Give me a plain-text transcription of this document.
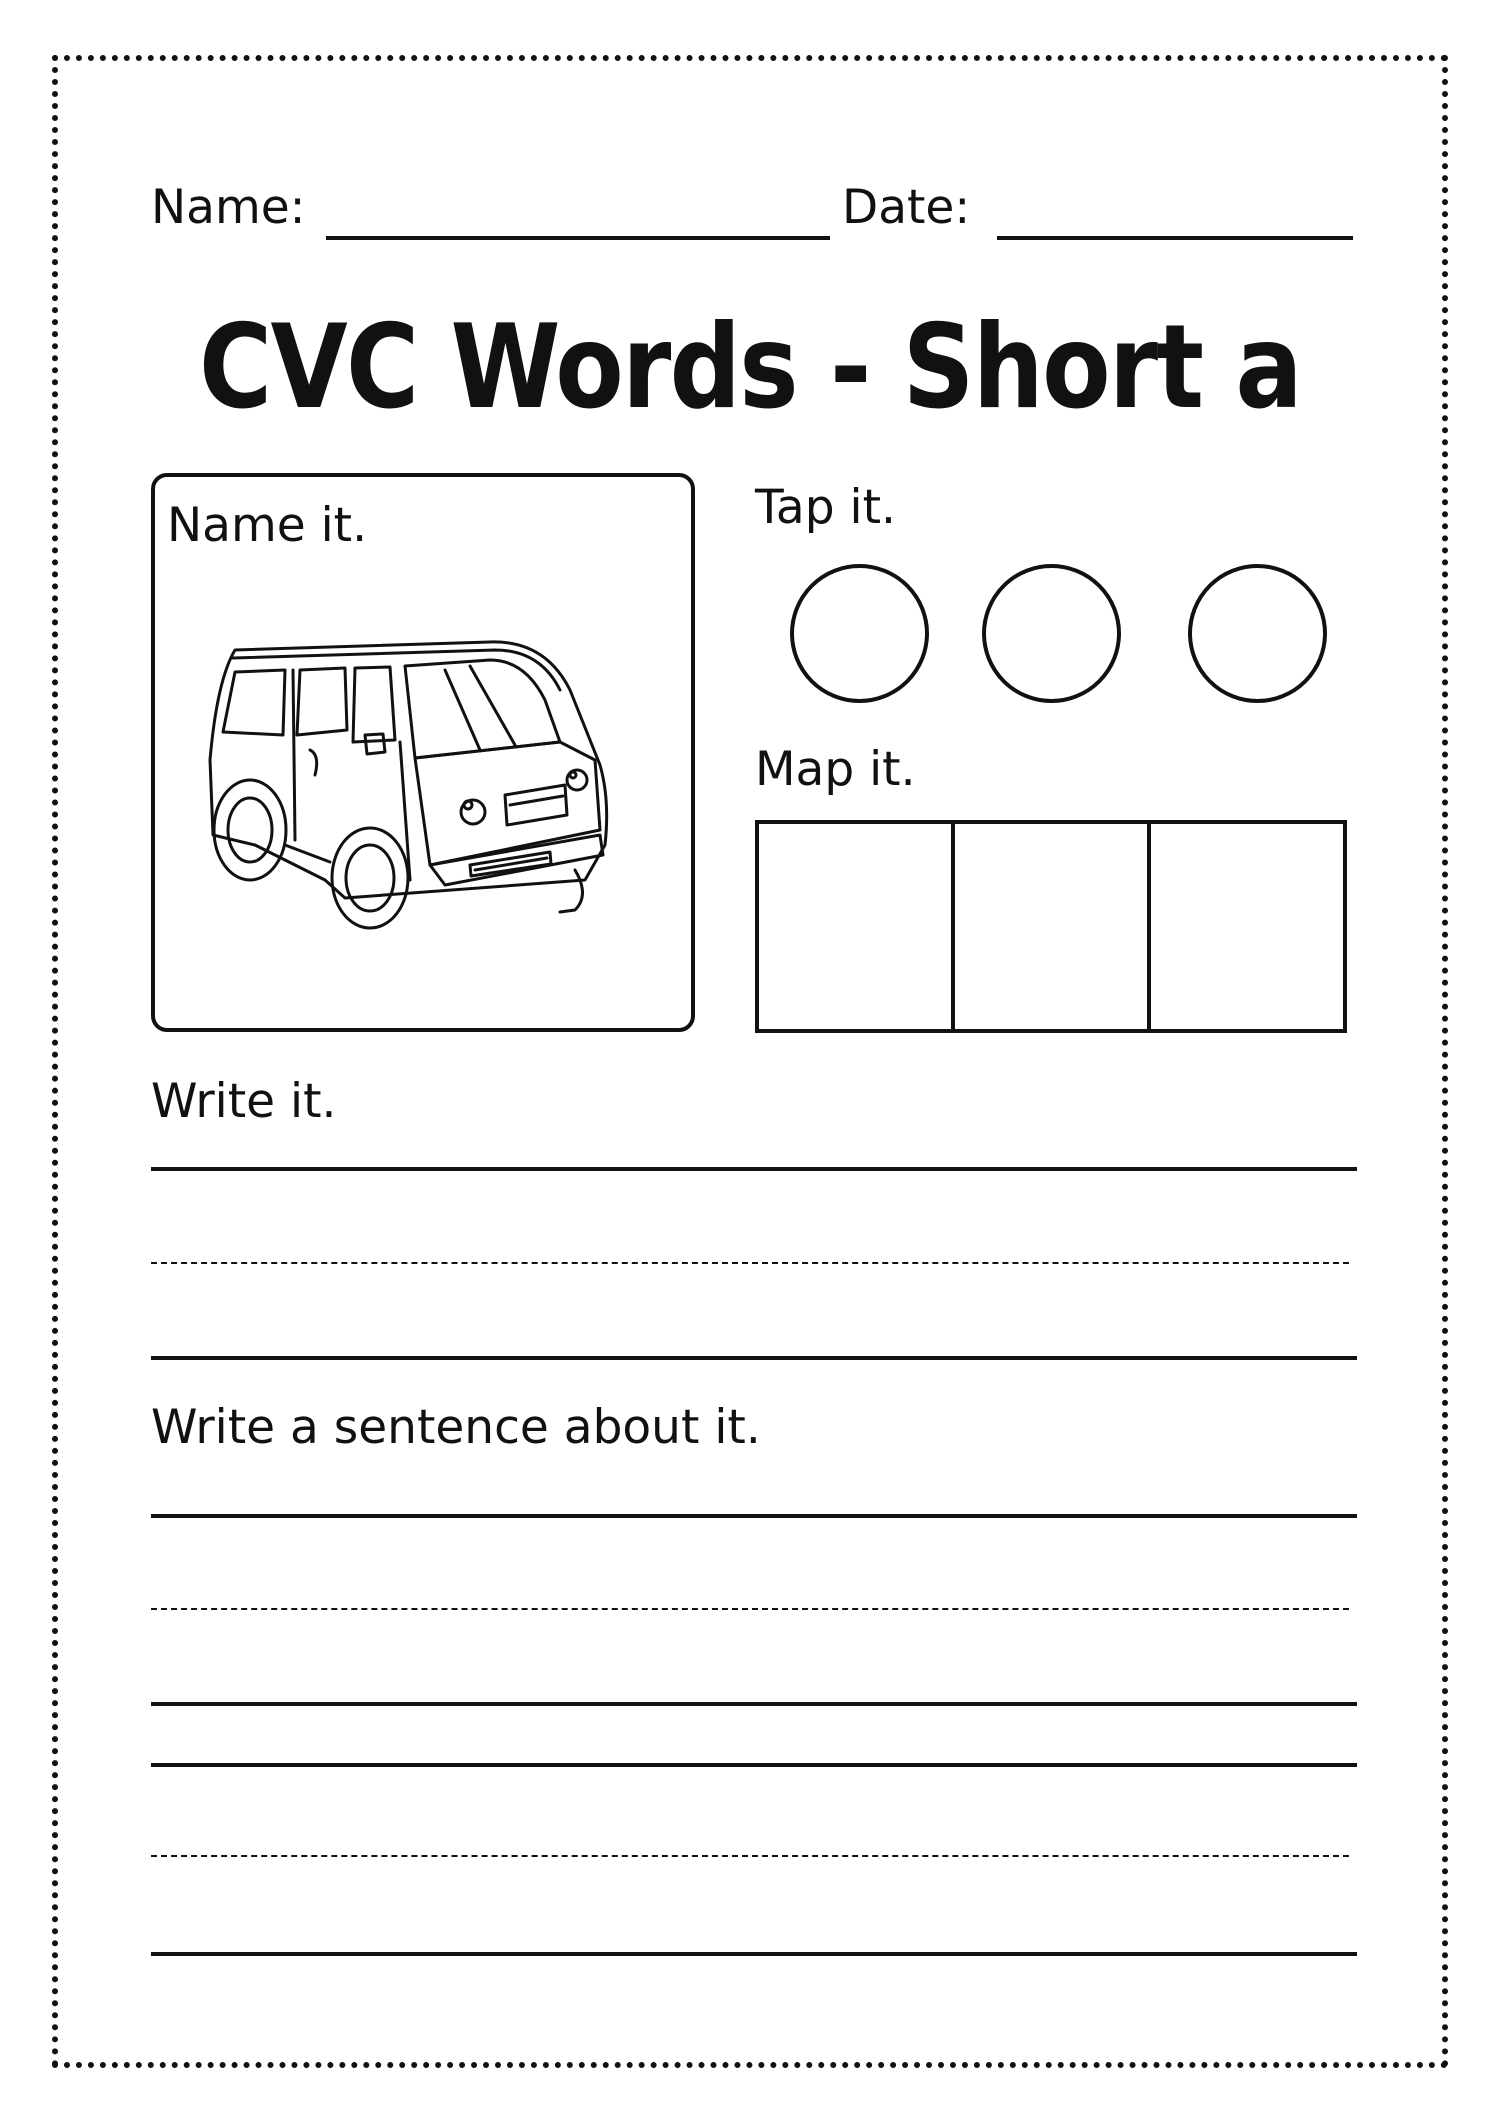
Name:	Date:
CVC Words - Short a
Name it.	Tap it.
Map it.
Write it.
Write a sentence about it.
